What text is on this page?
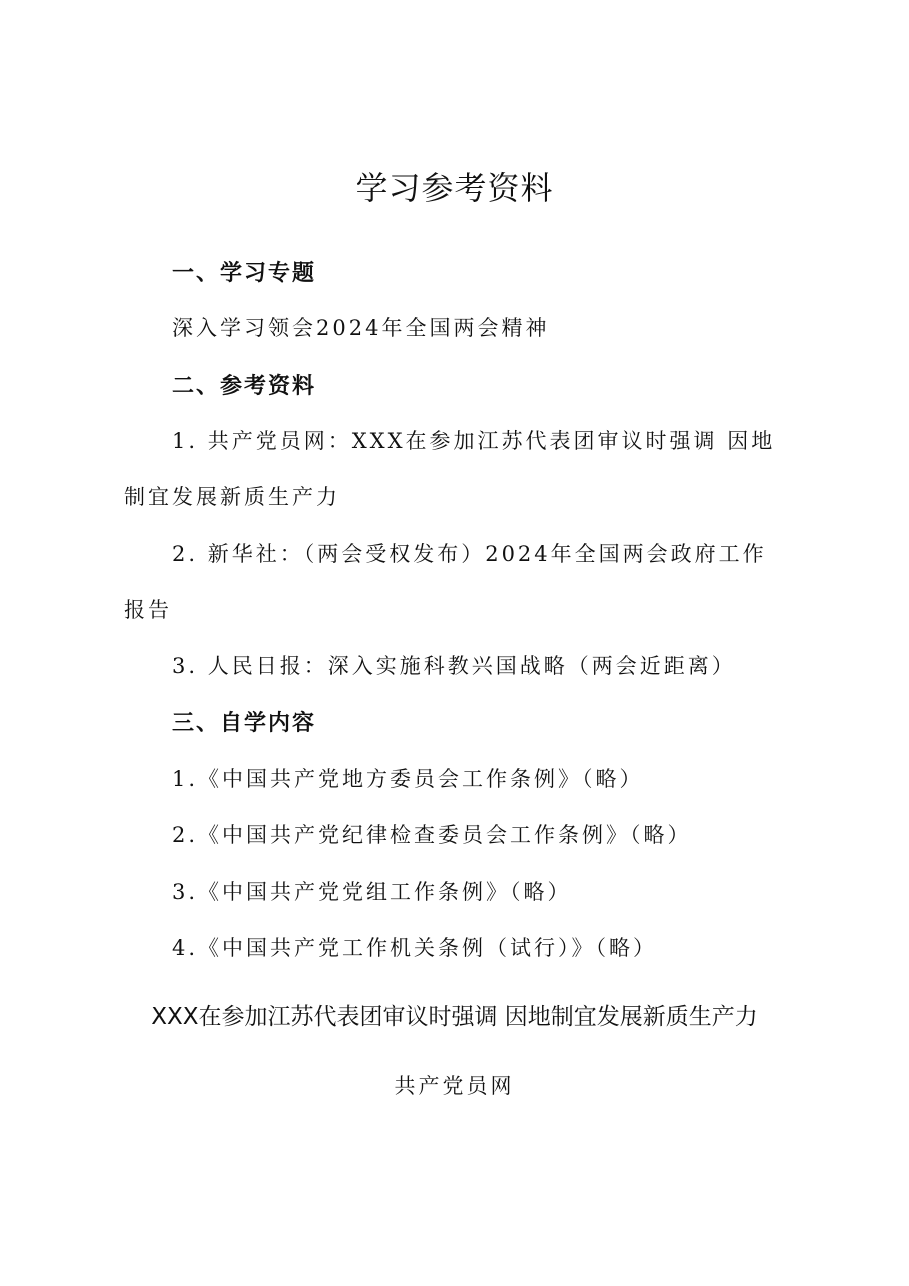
学习参考资料
一、学习专题
深入学习领会2024年全国两会精神
二、参考资料
1. 共产党员网：XXX在参加江苏代表团审议时强调 因地
制宜发展新质生产力
2. 新华社：（两会受权发布）2024年全国两会政府工作
报告
3. 人民日报：深入实施科教兴国战略（两会近距离）
三、自学内容
1.《中国共产党地方委员会工作条例》（略）
2.《中国共产党纪律检查委员会工作条例》（略）
3.《中国共产党党组工作条例》（略）
4.《中国共产党工作机关条例（试行）》（略）
XXX在参加江苏代表团审议时强调 因地制宜发展新质生产力
共产党员网
